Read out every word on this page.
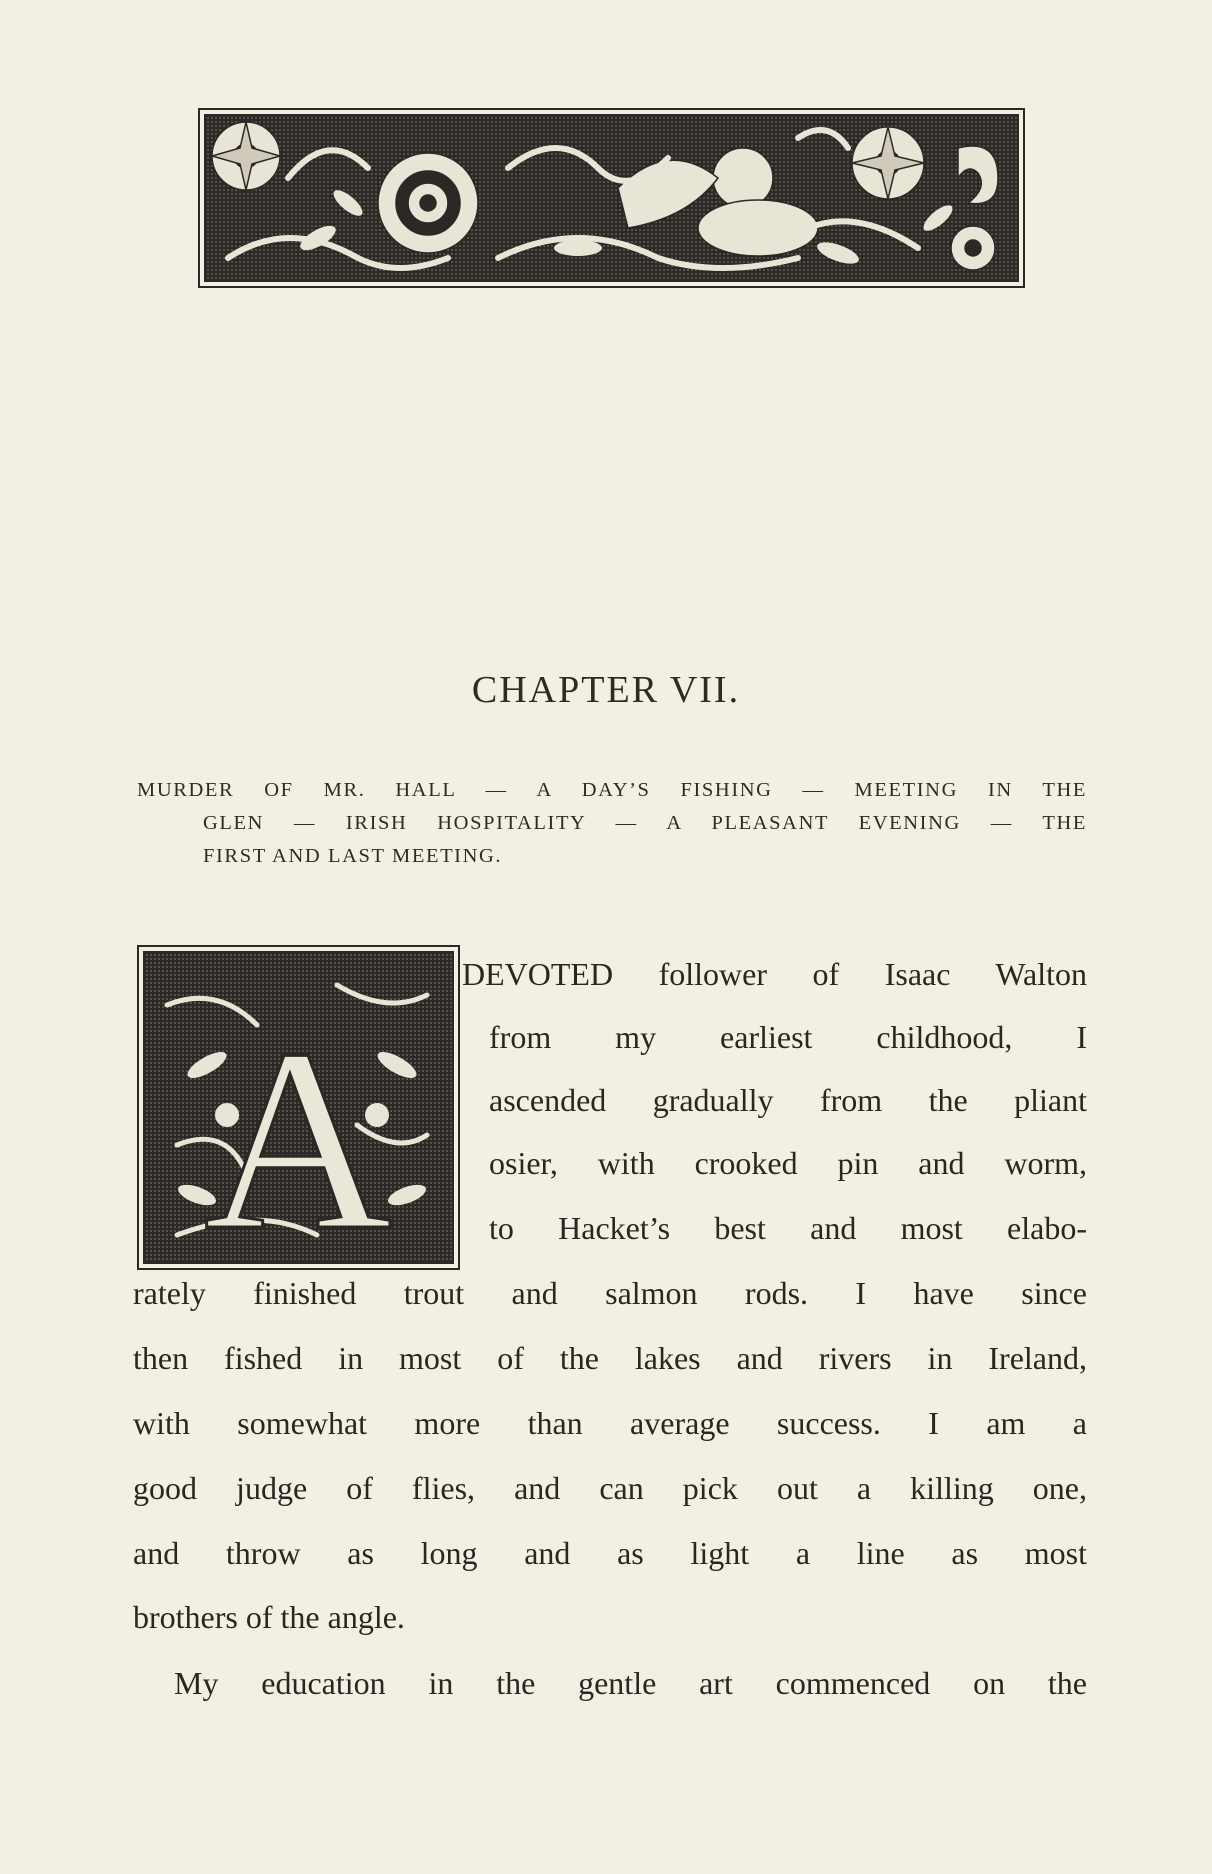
CHAPTER VII.
MURDER OF MR. HALL — A DAY’S FISHING — MEETING IN THE
GLEN — IRISH HOSPITALITY — A PLEASANT EVENING — THE
FIRST AND LAST MEETING.
A
DEVOTED follower of Isaac Walton
from my earliest childhood, I
ascended gradually from the pliant
osier, with crooked pin and worm,
to Hacket’s best and most elabo-
rately finished trout and salmon rods. I have since
then fished in most of the lakes and rivers in Ireland,
with somewhat more than average success. I am a
good judge of flies, and can pick out a killing one,
and throw as long and as light a line as most
brothers of the angle.
My education in the gentle art commenced on the
